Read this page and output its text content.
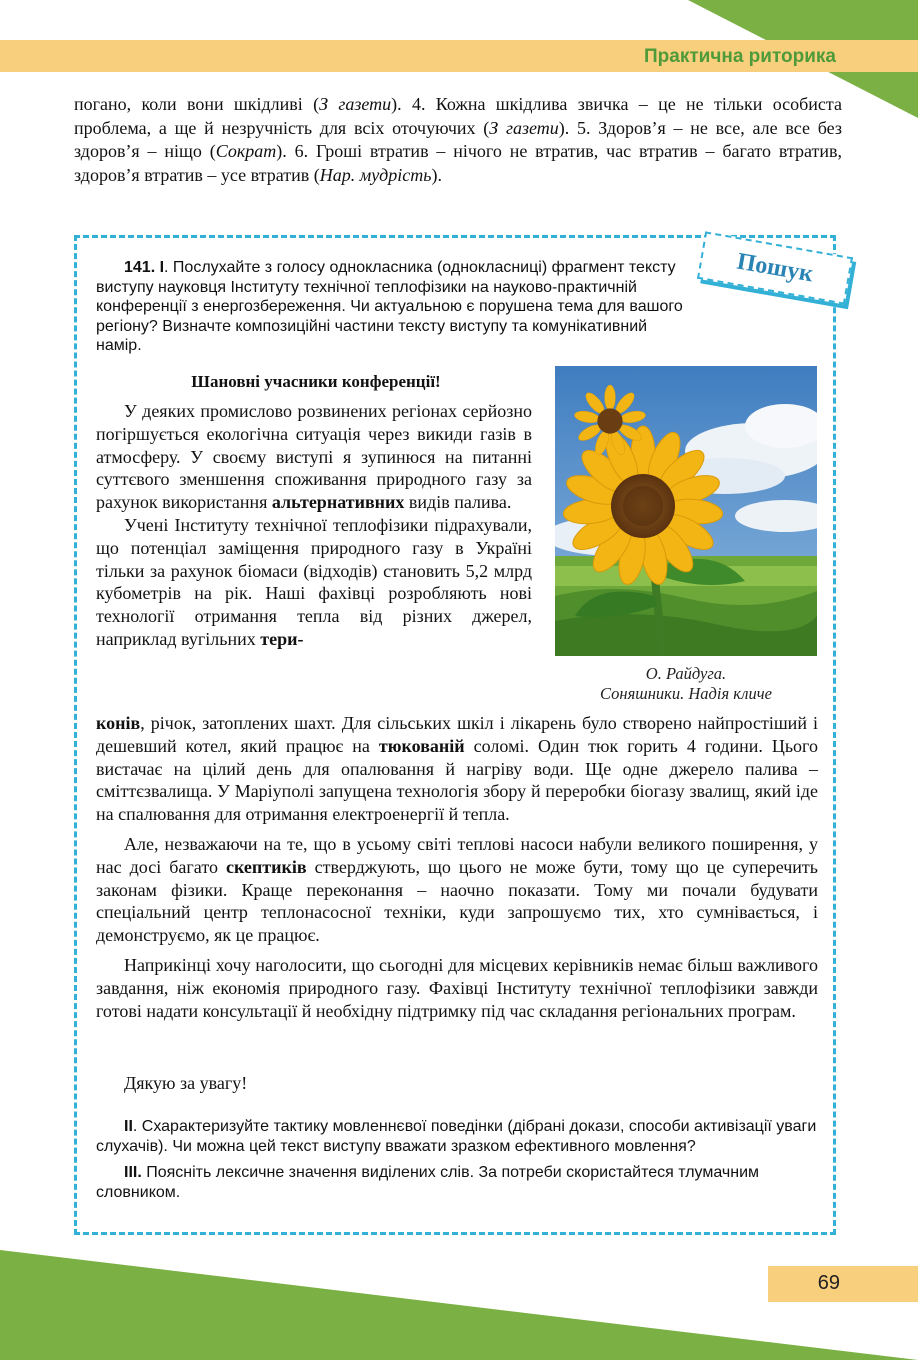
Практична риторика

погано, коли вони шкідливі (З газети). 4. Кожна шкідлива звичка – це не тільки особиста проблема, а ще й незручність для всіх оточуючих (З газети). 5. Здоров’я – не все, але все без здоров’я – ніщо (Сократ). 6. Гроші втратив – нічого не втратив, час втратив – багато втратив, здоров’я втратив – усе втратив (Нар. мудрість).

Пошук

141. I. Послухайте з голосу однокласника (однокласниці) фрагмент тексту виступу науковця Інституту технічної теплофізики на науково-практичній конференції з енергозбереження. Чи актуальною є порушена тема для вашого регіону? Визначте композиційні частини тексту виступу та комунікативний намір.

Шановні учасники конференції!

У деяких промислово розвинених регіонах серйозно погіршується екологічна ситуація через викиди газів в атмосферу. У своєму виступі я зупинюся на питанні суттєвого зменшення споживання природного газу за рахунок використання альтернативних видів палива.

Учені Інституту технічної теплофізики підрахували, що потенціал заміщення природного газу в Україні тільки за рахунок біомаси (відходів) становить 5,2 млрд кубометрів на рік. Наші фахівці розробляють нові технології отримання тепла від різних джерел, наприклад вугільних тери-

О. Райдуга.
Соняшники. Надія кличе

конів, річок, затоплених шахт. Для сільських шкіл і лікарень було створено найпростіший і дешевший котел, який працює на тюкованій соломі. Один тюк горить 4 години. Цього вистачає на цілий день для опалювання й нагріву води. Ще одне джерело палива – сміттєзвалища. У Маріуполі запущена технологія збору й переробки біогазу звалищ, який іде на спалювання для отримання електроенергії й тепла.

Але, незважаючи на те, що в усьому світі теплові насоси набули великого поширення, у нас досі багато скептиків стверджують, що цього не може бути, тому що це суперечить законам фізики. Краще переконання – наочно показати. Тому ми почали будувати спеціальний центр теплонасосної техніки, куди запрошуємо тих, хто сумнівається, і демонструємо, як це працює.

Наприкінці хочу наголосити, що сьогодні для місцевих керівників немає більш важливого завдання, ніж економія природного газу. Фахівці Інституту технічної теплофізики завжди готові надати консультації й необхідну підтримку під час складання регіональних програм.

Дякую за увагу!

II. Схарактеризуйте тактику мовленнєвої поведінки (дібрані докази, способи активізації уваги слухачів). Чи можна цей текст виступу вважати зразком ефективного мовлення?

III. Поясніть лексичне значення виділених слів. За потреби скористайтеся тлумачним словником.

69
